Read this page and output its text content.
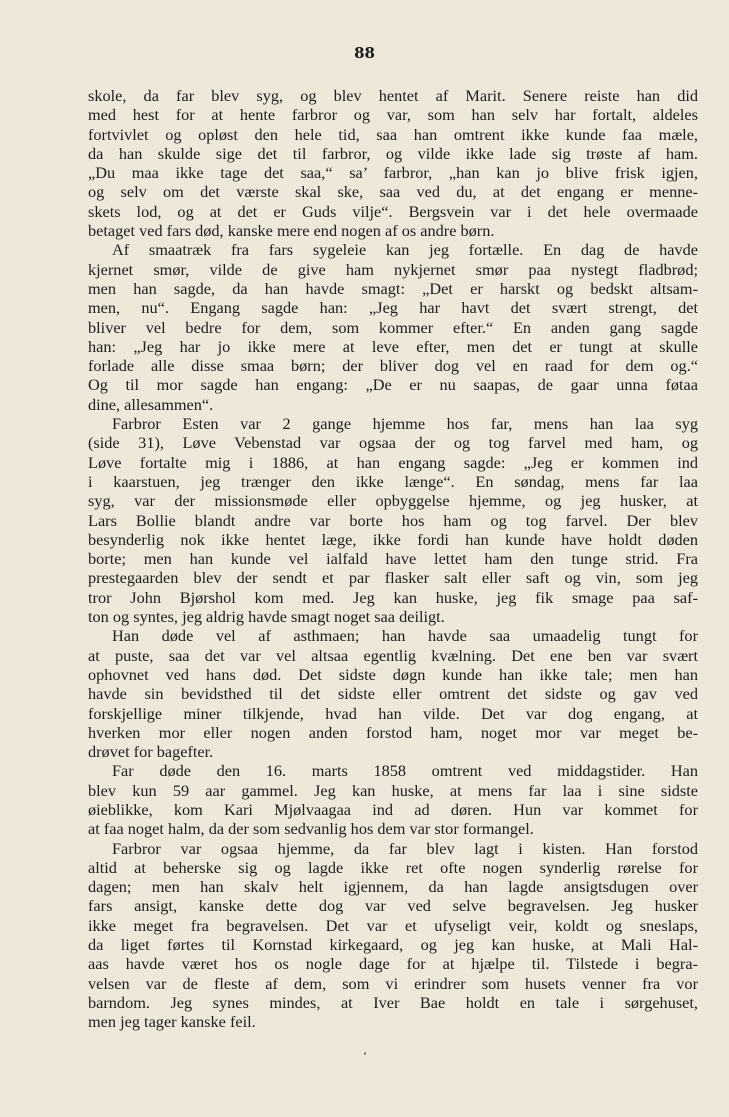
88
skole, da far blev syg, og blev hentet af Marit. Senere reiste han did
med hest for at hente farbror og var, som han selv har fortalt, aldeles
fortvivlet og opløst den hele tid, saa han omtrent ikke kunde faa mæle,
da han skulde sige det til farbror, og vilde ikke lade sig trøste af ham.
„Du maa ikke tage det saa,“ sa’ farbror, „han kan jo blive frisk igjen,
og selv om det værste skal ske, saa ved du, at det engang er menne-
skets lod, og at det er Guds vilje“. Bergsvein var i det hele overmaade
betaget ved fars død, kanske mere end nogen af os andre børn.
Af smaatræk fra fars sygeleie kan jeg fortælle. En dag de havde
kjernet smør, vilde de give ham nykjernet smør paa nystegt fladbrød;
men han sagde, da han havde smagt: „Det er harskt og bedskt altsam-
men, nu“. Engang sagde han: „Jeg har havt det svært strengt, det
bliver vel bedre for dem, som kommer efter.“ En anden gang sagde
han: „Jeg har jo ikke mere at leve efter, men det er tungt at skulle
forlade alle disse smaa børn; der bliver dog vel en raad for dem og.“
Og til mor sagde han engang: „De er nu saapas, de gaar unna føtaa
dine, allesammen“.
Farbror Esten var 2 gange hjemme hos far, mens han laa syg
(side 31), Løve Vebenstad var ogsaa der og tog farvel med ham, og
Løve fortalte mig i 1886, at han engang sagde: „Jeg er kommen ind
i kaarstuen, jeg trænger den ikke længe“. En søndag, mens far laa
syg, var der missionsmøde eller opbyggelse hjemme, og jeg husker, at
Lars Bollie blandt andre var borte hos ham og tog farvel. Der blev
besynderlig nok ikke hentet læge, ikke fordi han kunde have holdt døden
borte; men han kunde vel ialfald have lettet ham den tunge strid. Fra
prestegaarden blev der sendt et par flasker salt eller saft og vin, som jeg
tror John Bjørshol kom med. Jeg kan huske, jeg fik smage paa saf-
ton og syntes, jeg aldrig havde smagt noget saa deiligt.
Han døde vel af asthmaen; han havde saa umaadelig tungt for
at puste, saa det var vel altsaa egentlig kvælning. Det ene ben var svært
ophovnet ved hans død. Det sidste døgn kunde han ikke tale; men han
havde sin bevidsthed til det sidste eller omtrent det sidste og gav ved
forskjellige miner tilkjende, hvad han vilde. Det var dog engang, at
hverken mor eller nogen anden forstod ham, noget mor var meget be-
drøvet for bagefter.
Far døde den 16. marts 1858 omtrent ved middagstider. Han
blev kun 59 aar gammel. Jeg kan huske, at mens far laa i sine sidste
øieblikke, kom Kari Mjølvaagaa ind ad døren. Hun var kommet for
at faa noget halm, da der som sedvanlig hos dem var stor formangel.
Farbror var ogsaa hjemme, da far blev lagt i kisten. Han forstod
altid at beherske sig og lagde ikke ret ofte nogen synderlig rørelse for
dagen; men han skalv helt igjennem, da han lagde ansigtsdugen over
fars ansigt, kanske dette dog var ved selve begravelsen. Jeg husker
ikke meget fra begravelsen. Det var et ufyseligt veir, koldt og sneslaps,
da liget førtes til Kornstad kirkegaard, og jeg kan huske, at Mali Hal-
aas havde været hos os nogle dage for at hjælpe til. Tilstede i begra-
velsen var de fleste af dem, som vi erindrer som husets venner fra vor
barndom. Jeg synes mindes, at Iver Bae holdt en tale i sørgehuset,
men jeg tager kanske feil.
